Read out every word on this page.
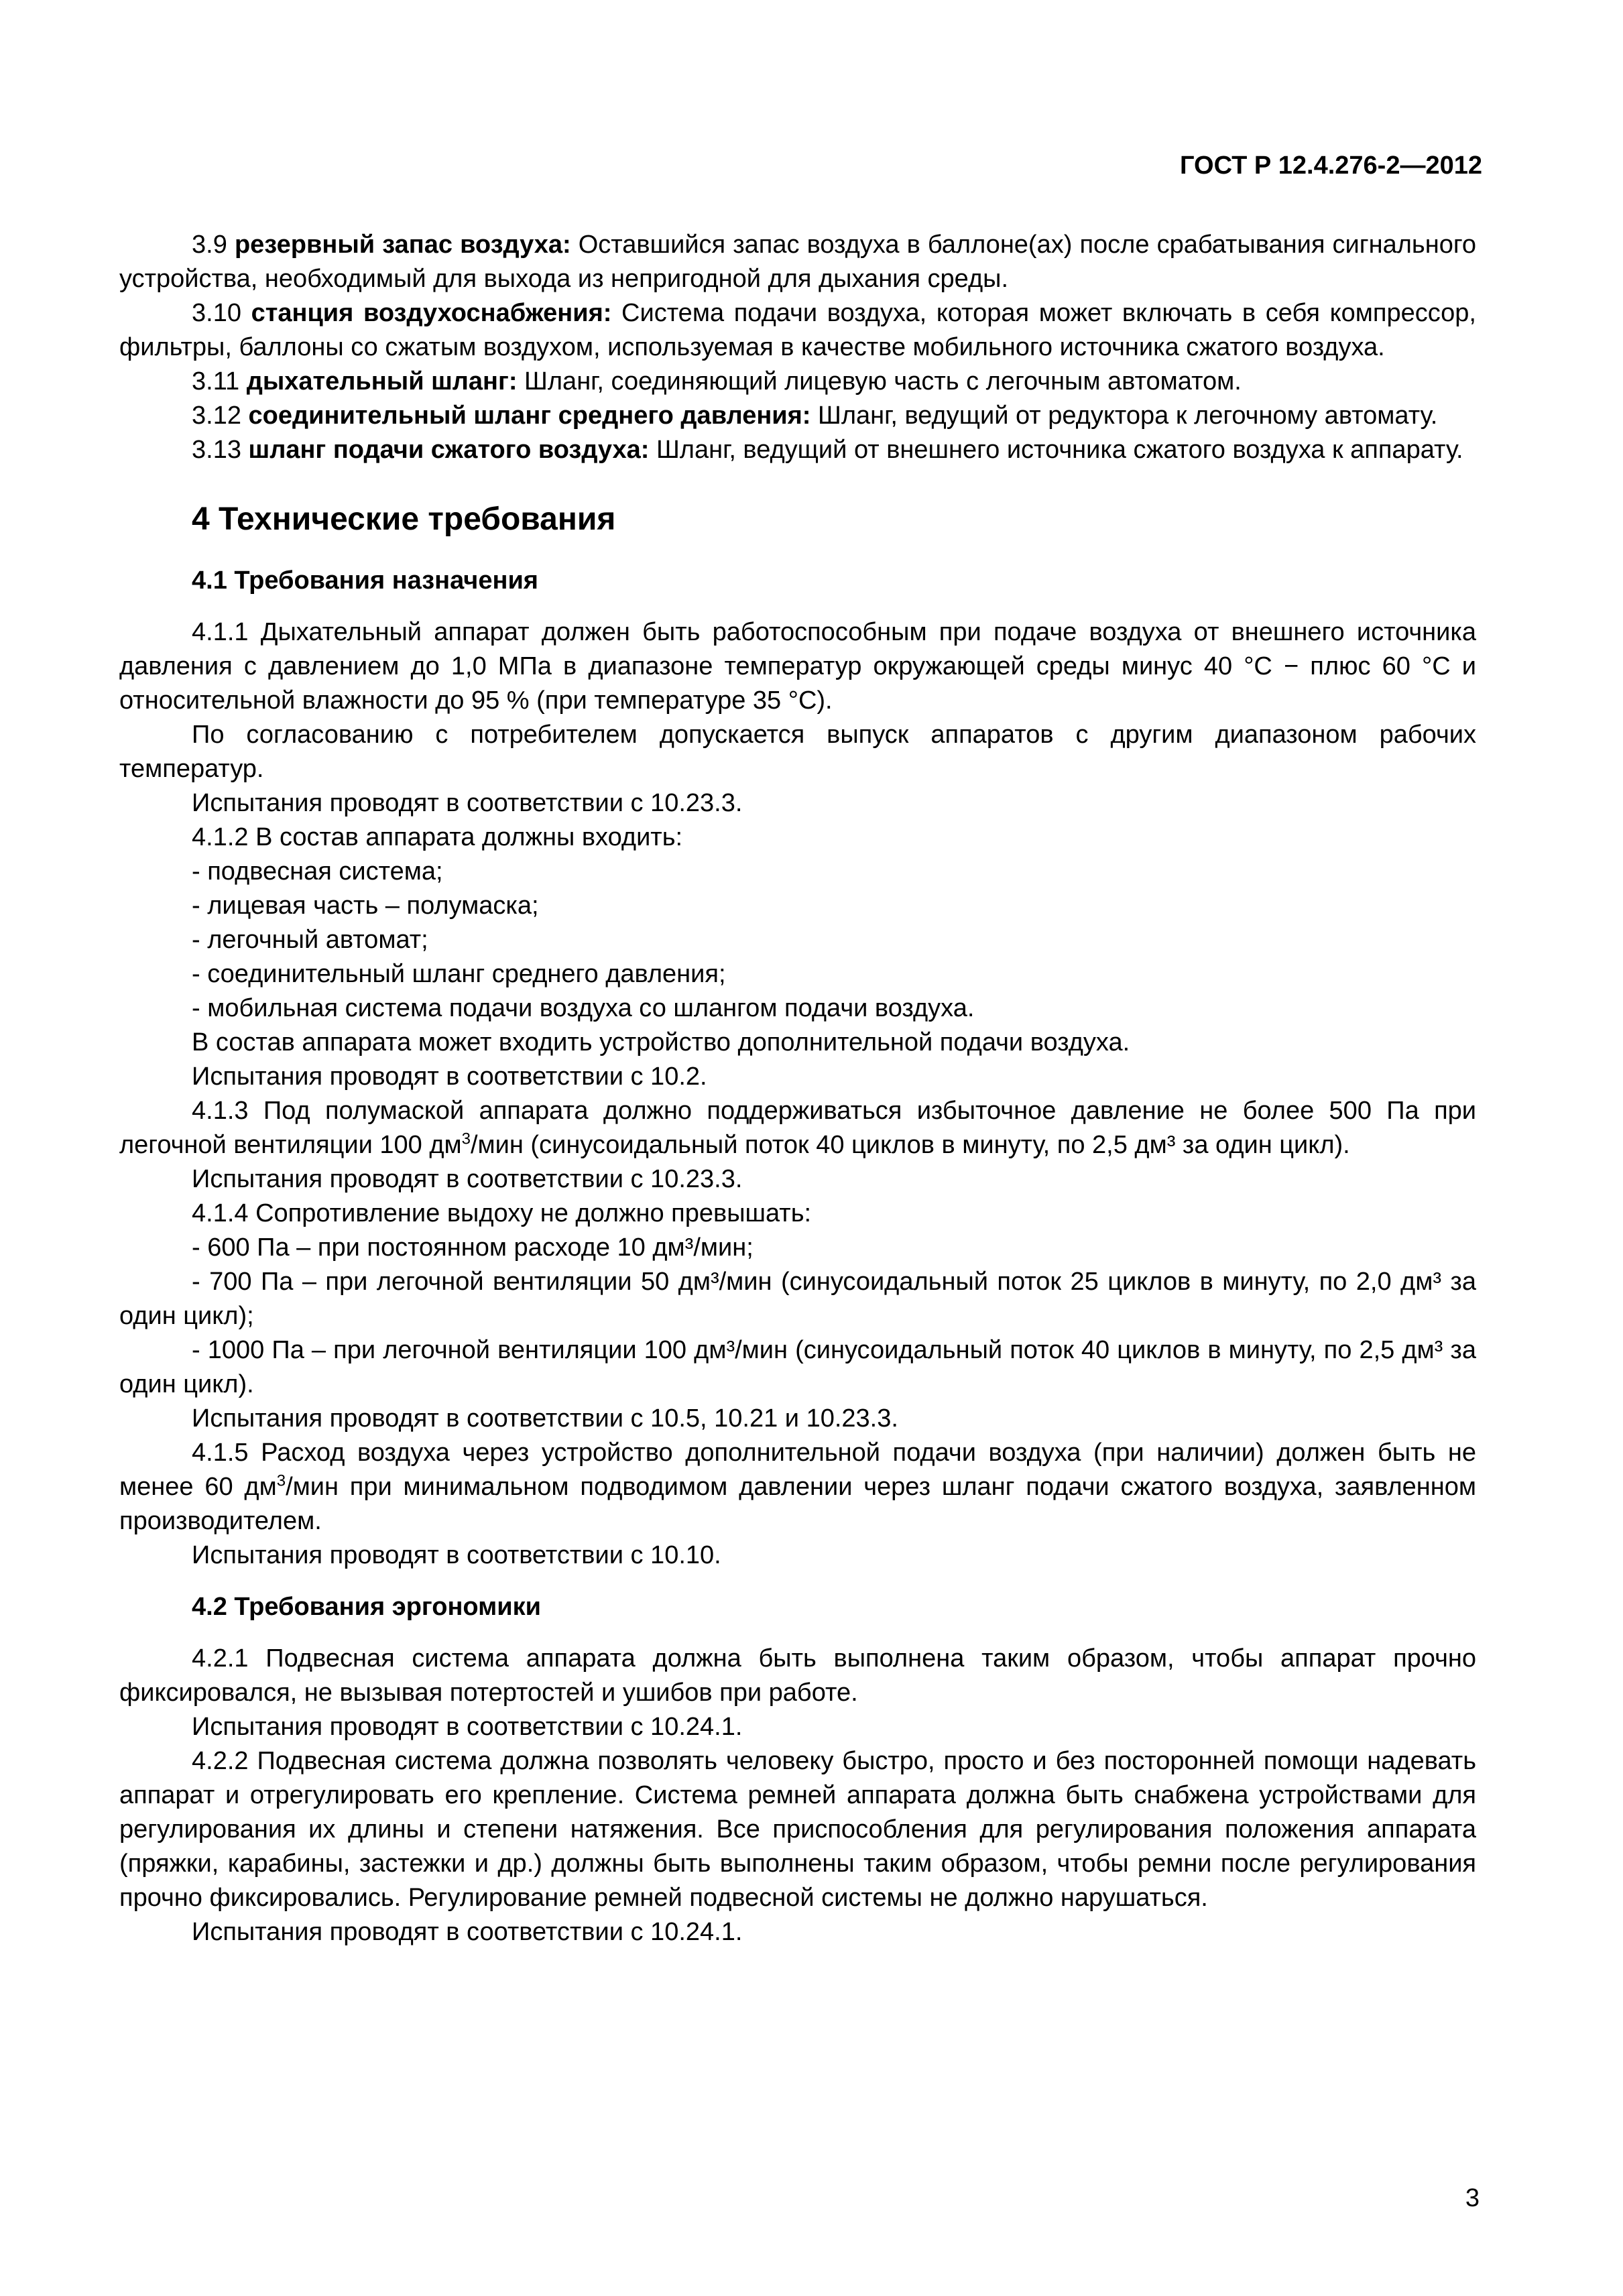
ГОСТ Р 12.4.276-2—2012

3.9 резервный запас воздуха: Оставшийся запас воздуха в баллоне(ах) после срабатывания сигнального устройства, необходимый для выхода из непригодной для дыхания среды.

3.10 станция воздухоснабжения: Система подачи воздуха, которая может включать в себя компрессор, фильтры, баллоны со сжатым воздухом, используемая в качестве мобильного источника сжатого воздуха.

3.11 дыхательный шланг: Шланг, соединяющий лицевую часть с легочным автоматом.

3.12 соединительный шланг среднего давления: Шланг, ведущий от редуктора к легочному автомату.

3.13 шланг подачи сжатого воздуха: Шланг, ведущий от внешнего источника сжатого воздуха к аппарату.

4 Технические требования
4.1 Требования назначения

4.1.1 Дыхательный аппарат должен быть работоспособным при подаче воздуха от внешнего источника давления с давлением до 1,0 МПа в диапазоне температур окружающей среды минус 40 °С − плюс 60 °С и относительной влажности до 95 % (при температуре 35 °С).

По согласованию с потребителем допускается выпуск аппаратов с другим диапазоном рабочих температур.

Испытания проводят в соответствии с 10.23.3.

4.1.2 В состав аппарата должны входить:

- подвесная система;

- лицевая часть – полумаска;

- легочный автомат;

- соединительный шланг среднего давления;

- мобильная система подачи воздуха со шлангом подачи воздуха.

В состав аппарата может входить устройство дополнительной подачи воздуха.

Испытания проводят в соответствии с 10.2.

4.1.3 Под полумаской аппарата должно поддерживаться избыточное давление не более 500 Па при легочной вентиляции 100 $дм^3$/мин (синусоидальный поток 40 циклов в минуту, по 2,5 дм³ за один цикл).

Испытания проводят в соответствии с 10.23.3.

4.1.4 Сопротивление выдоху не должно превышать:

- 600 Па – при постоянном расходе 10 дм³/мин;

- 700 Па – при легочной вентиляции 50 дм³/мин (синусоидальный поток 25 циклов в минуту, по 2,0 дм³ за один цикл);

- 1000 Па – при легочной вентиляции 100 дм³/мин (синусоидальный поток 40 циклов в минуту, по 2,5 дм³ за один цикл).

Испытания проводят в соответствии с 10.5, 10.21 и 10.23.3.

4.1.5 Расход воздуха через устройство дополнительной подачи воздуха (при наличии) должен быть не менее 60 $дм^3$/мин при минимальном подводимом давлении через шланг подачи сжатого воздуха, заявленном производителем.

Испытания проводят в соответствии с 10.10.

4.2 Требования эргономики

4.2.1 Подвесная система аппарата должна быть выполнена таким образом, чтобы аппарат прочно фиксировался, не вызывая потертостей и ушибов при работе.

Испытания проводят в соответствии с 10.24.1.

4.2.2 Подвесная система должна позволять человеку быстро, просто и без посторонней помощи надевать аппарат и отрегулировать его крепление. Система ремней аппарата должна быть снабжена устройствами для регулирования их длины и степени натяжения. Все приспособления для регулирования положения аппарата (пряжки, карабины, застежки и др.) должны быть выполнены таким образом, чтобы ремни после регулирования прочно фиксировались. Регулирование ремней подвесной системы не должно нарушаться.

Испытания проводят в соответствии с 10.24.1.

3
